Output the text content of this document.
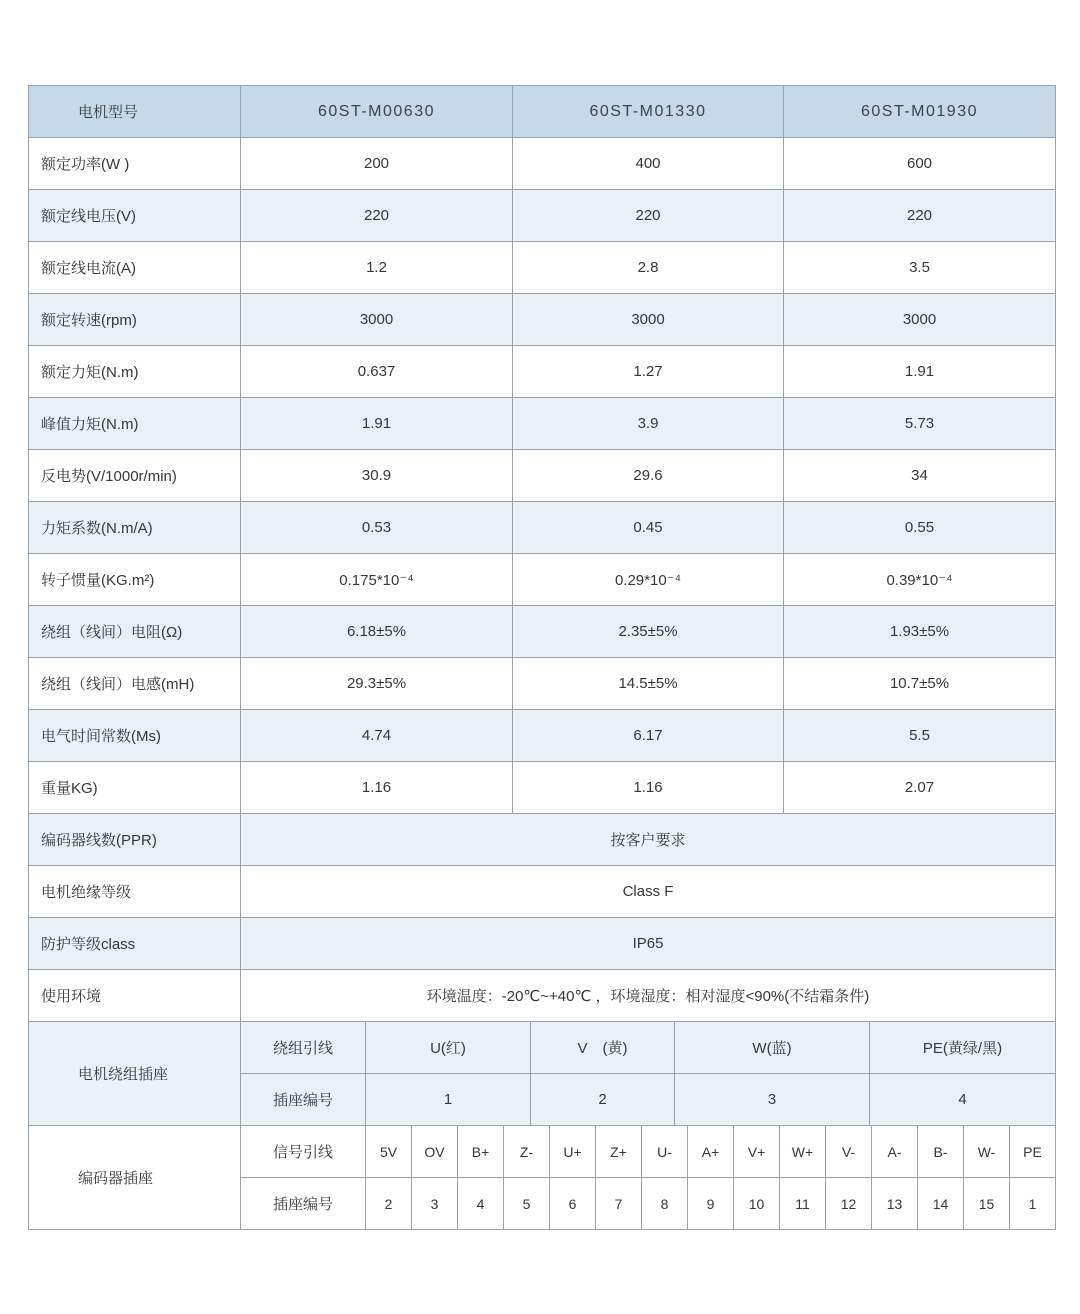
电机型号	60ST-M00630	60ST-M01330	60ST-M01930
额定功率(W )	200	400	600
额定线电压(V)	220	220	220
额定线电流(A)	1.2	2.8	3.5
额定转速(rpm)	3000	3000	3000
额定力矩(N.m)	0.637	1.27	1.91
峰值力矩(N.m)	1.91	3.9	5.73
反电势(V/1000r/min)	30.9	29.6	34
力矩系数(N.m/A)	0.53	0.45	0.55
转子惯量(KG.m²)	0.175*10⁻⁴	0.29*10⁻⁴	0.39*10⁻⁴
绕组（线间）电阻(Ω)	6.18±5%	2.35±5%	1.93±5%
绕组（线间）电感(mH)	29.3±5%	14.5±5%	10.7±5%
电气时间常数(Ms)	4.74	6.17	5.5
重量KG)	1.16	1.16	2.07
编码器线数(PPR)	按客户要求		
电机绝缘等级	Class F		
防护等级class	IP65		
使用环境	环境温度：-20℃~+40℃ ，环境湿度：相对湿度<90%(不结霜条件)		
电机绕组插座	绕组引线	U(红)	V　(黄)	W(蓝)	PE(黄绿/黑)
	插座编号	1	2	3	4
编码器插座	信号引线	5V	OV	B+	Z-	U+	Z+	U-	A+	V+	W+	V-	A-	B-	W-	PE
	插座编号	2	3	4	5	6	7	8	9	10	11	12	13	14	15	1
